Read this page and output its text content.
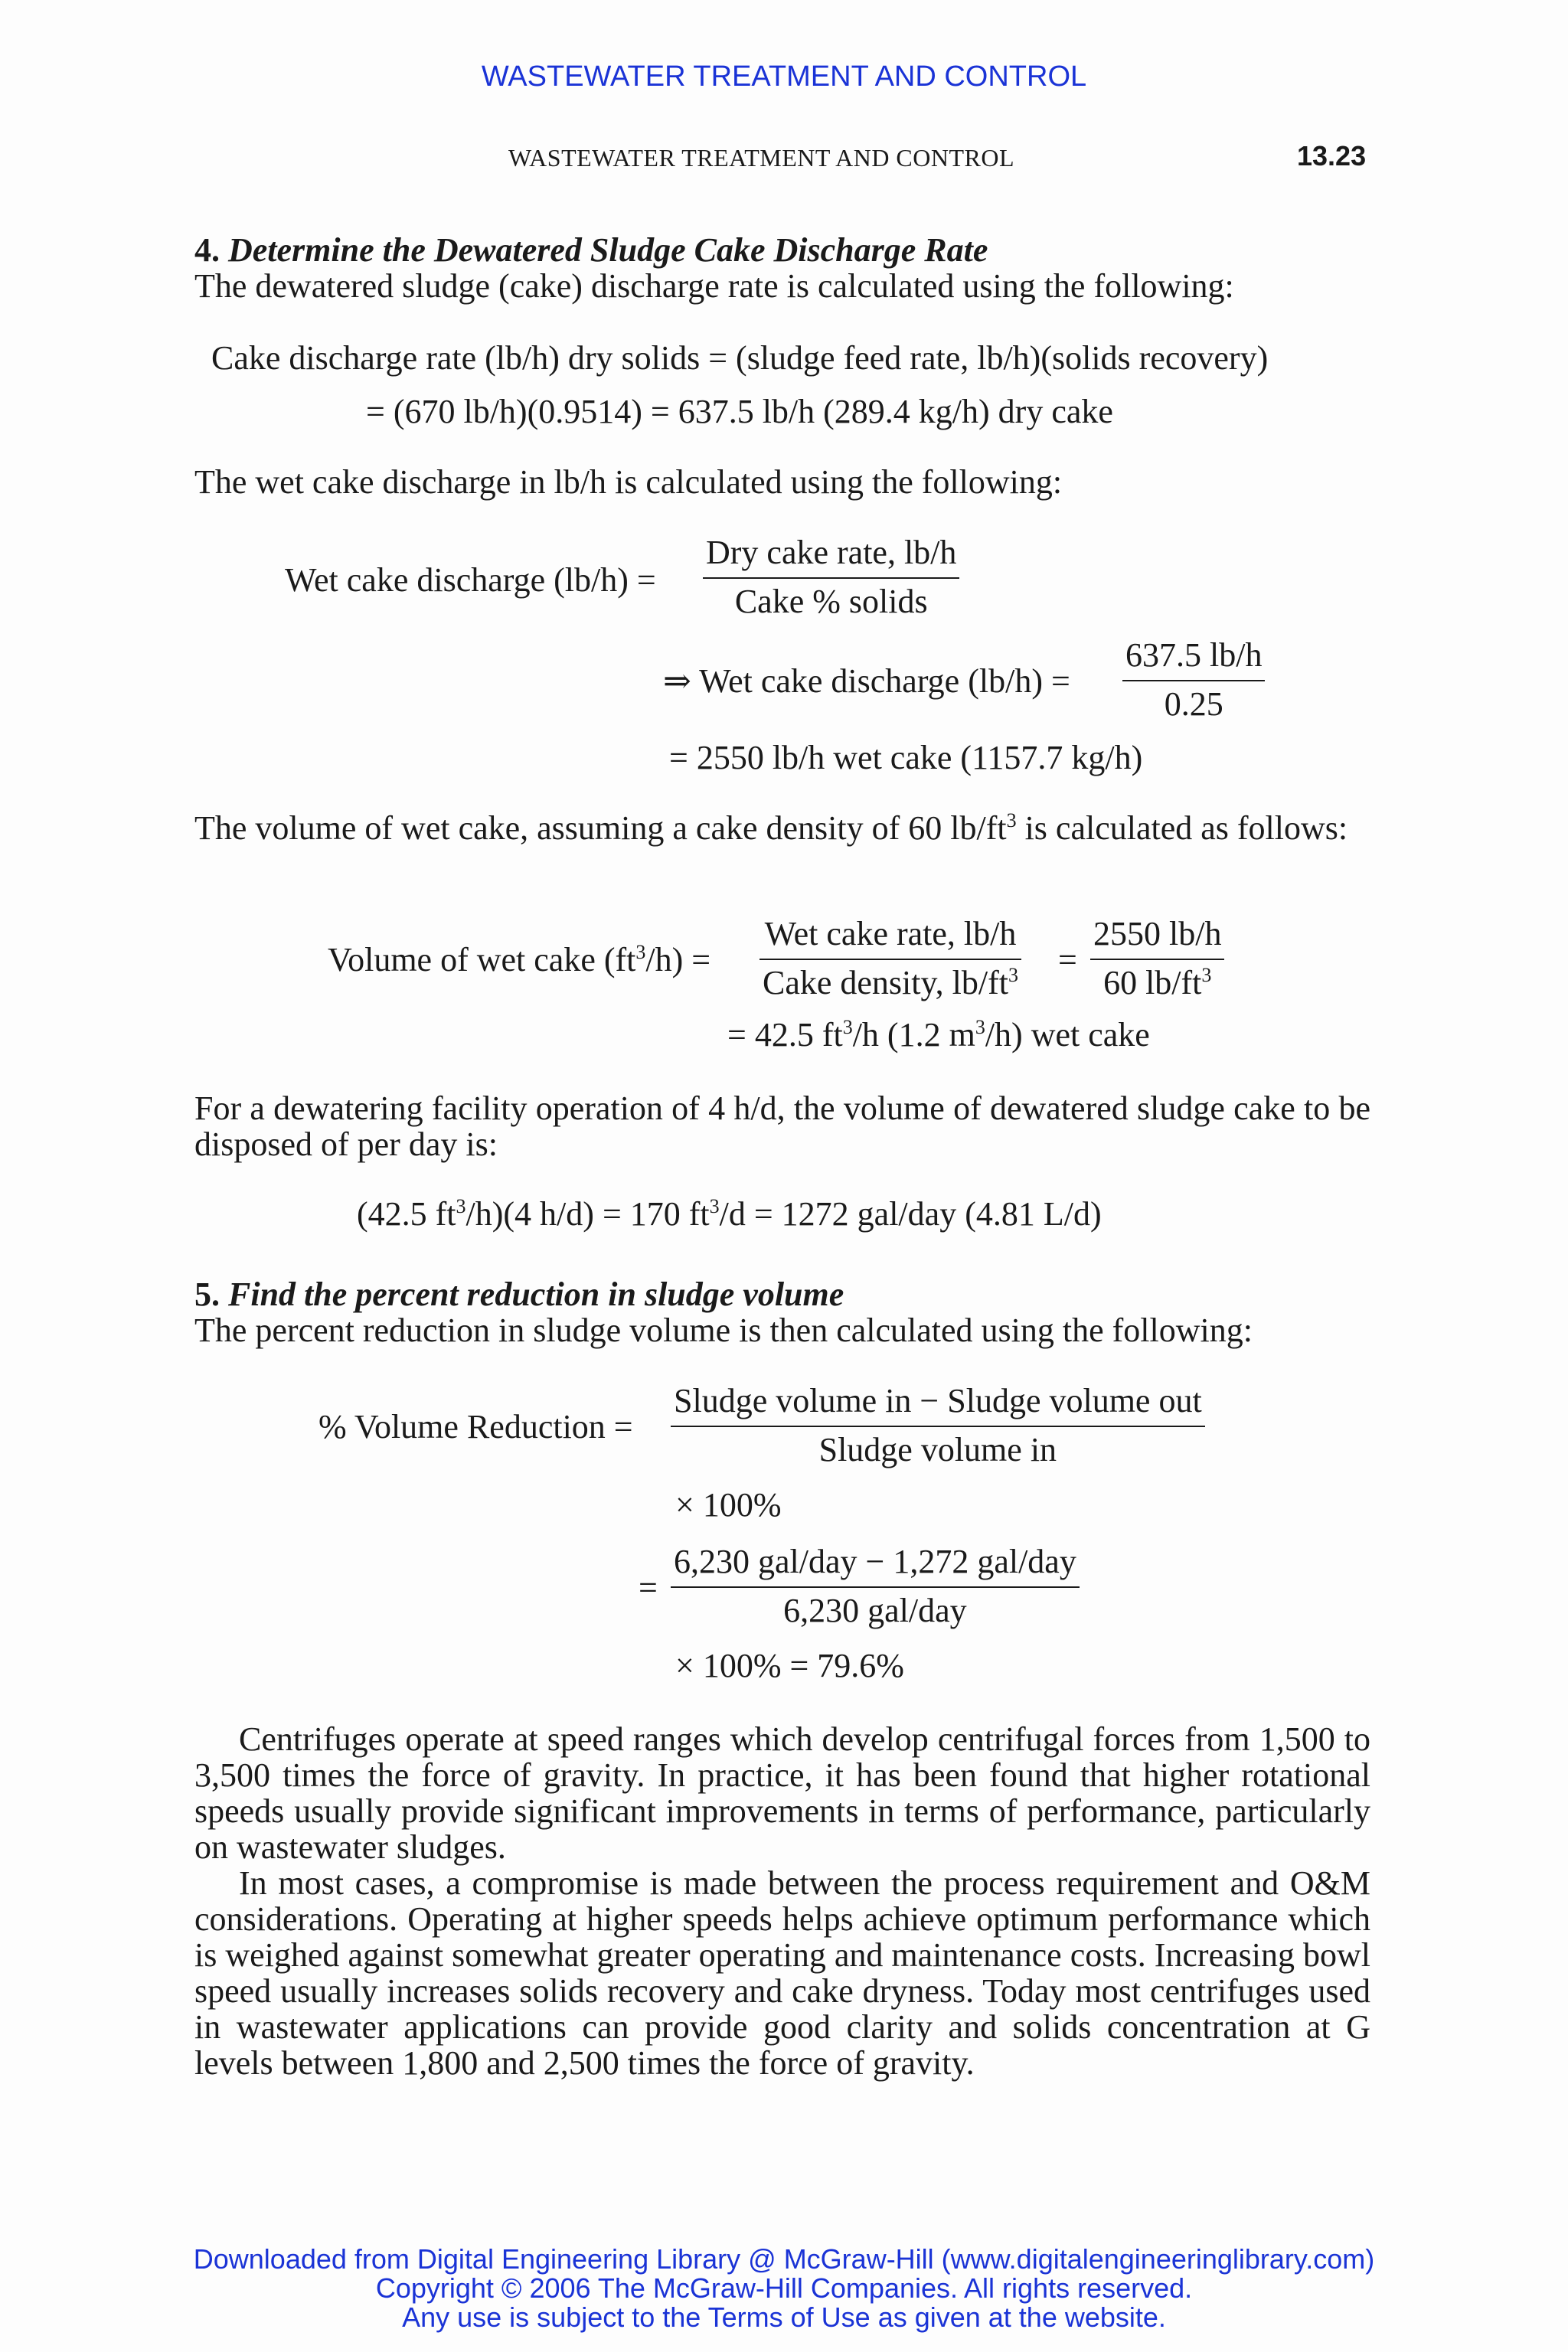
WASTEWATER TREATMENT AND CONTROL
WASTEWATER TREATMENT AND CONTROL	13.23
4. Determine the Dewatered Sludge Cake Discharge Rate
The dewatered sludge (cake) discharge rate is calculated using the following:
Cake discharge rate (lb/h) dry solids = (sludge feed rate, lb/h)(solids recovery)
= (670 lb/h)(0.9514) = 637.5 lb/h (289.4 kg/h) dry cake
The wet cake discharge in lb/h is calculated using the following:
Wet cake discharge (lb/h) =
Dry cake rate, lb/h
Cake % solids
⇒ Wet cake discharge (lb/h) =
637.5 lb/h
0.25
= 2550 lb/h wet cake (1157.7 kg/h)

The volume of wet cake, assuming a cake density of 60 $lb/ft^3$ is calculated as follows:

Volume of wet cake $(ft^3/h)$ =
Wet cake rate, lb/h
Cake density, $lb/ft^3$ =
2550 lb/h
60 $lb/ft^3$
= 42.5 $ft^3/h$ (1.2 $m^3/h$) wet cake

For a dewatering facility operation of 4 h/d, the volume of dewatered sludge cake to be disposed of per day is:

(42.5 $ft^3/h)(4$ h/d) = 170 $ft^3/d = 1272$ gal/day (4.81 L/d)
5. Find the percent reduction in sludge volume
The percent reduction in sludge volume is then calculated using the following:
% Volume Reduction =
Sludge volume in − Sludge volume out
Sludge volume in
× 100%
=
6,230 gal/day − 1,272 gal/day
6,230 gal/day
× 100% = 79.6%

Centrifuges operate at speed ranges which develop centrifugal forces from 1,500 to 3,500 times the force of gravity. In practice, it has been found that higher rotational speeds usually provide significant improvements in terms of performance, particularly on wastewater sludges.

In most cases, a compromise is made between the process requirement and O&M considerations. Operating at higher speeds helps achieve optimum performance which is weighed against somewhat greater operating and maintenance costs. Increasing bowl speed usually increases solids recovery and cake dryness. Today most centrifuges used in wastewater applications can provide good clarity and solids concentration at G levels between 1,800 and 2,500 times the force of gravity.

Downloaded from Digital Engineering Library @ McGraw-Hill (www.digitalengineeringlibrary.com)
Copyright © 2006 The McGraw-Hill Companies. All rights reserved.
Any use is subject to the Terms of Use as given at the website.
